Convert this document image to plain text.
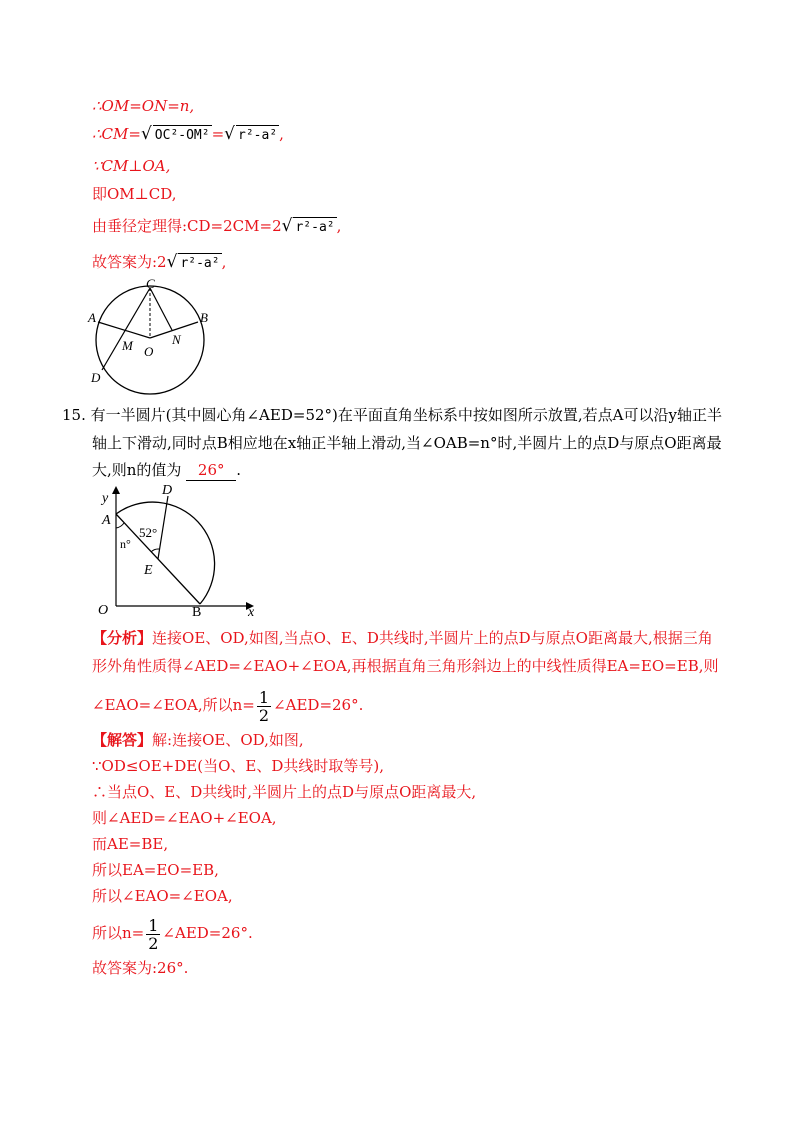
∴OM=ON=n,
∴CM=√ OC²-OM² =√ r²-a² ,
∵CM⊥OA,
即OM⊥CD,
由垂径定理得:CD=2CM=2√ r²-a² ,
故答案为:2√ r²-a² ,
C
A	B
D
M	N
O
15. 有一半圆片(其中圆心角∠AED=52°)在平面直角坐标系中按如图所示放置,若点A可以沿y轴正半
轴上下滑动,同时点B相应地在x轴正半轴上滑动,当∠OAB=n°时,半圆片上的点D与原点O距离最
大,则n的值为 26° .
y
x
A
D
E
O	B
52°
n°
【分析】连接OE、OD,如图,当点O、E、D共线时,半圆片上的点D与原点O距离最大,根据三角
形外角性质得∠AED=∠EAO+∠EOA,再根据直角三角形斜边上的中线性质得EA=EO=EB,则
∠EAO=∠EOA,所以$n= \frac{1}{2}$ ∠AED=26°.
【解答】解:连接OE、OD,如图,
∵OD≤OE+DE(当O、E、D共线时取等号),
∴当点O、E、D共线时,半圆片上的点D与原点O距离最大,
则∠AED=∠EAO+∠EOA,
而AE=BE,
所以EA=EO=EB,
所以∠EAO=∠EOA,
所以$n= \frac{1}{2}$ ∠AED=26°.
故答案为:26°.
